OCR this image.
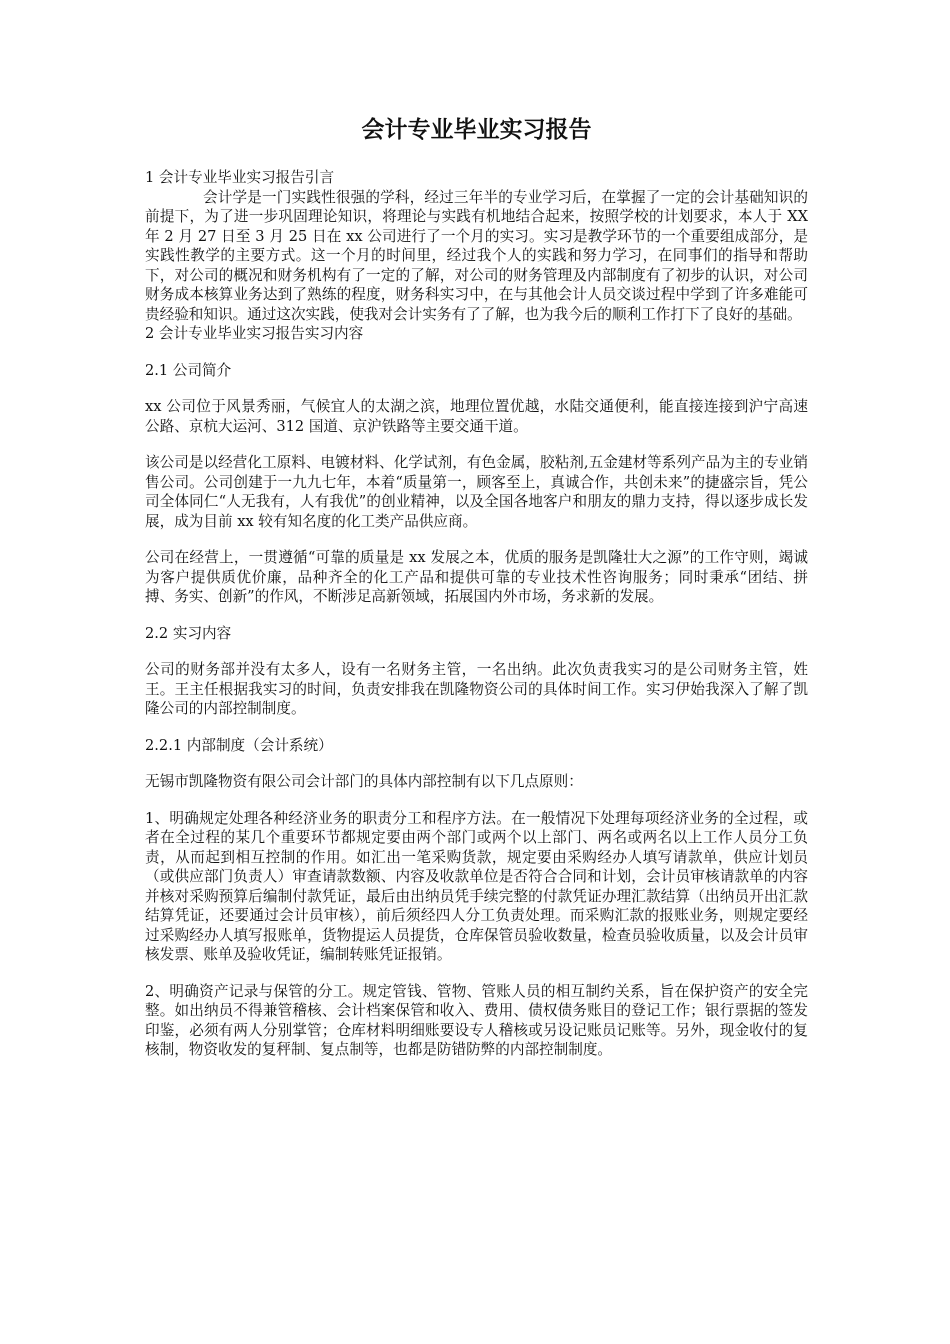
会计专业毕业实习报告

1 会计专业毕业实习报告引言

会计学是一门实践性很强的学科，经过三年半的专业学习后，在掌握了一定的会计基础知识的前提下，为了进一步巩固理论知识，将理论与实践有机地结合起来，按照学校的计划要求，本人于 XX 年 2 月 27 日至 3 月 25 日在 xx 公司进行了一个月的实习。实习是教学环节的一个重要组成部分，是实践性教学的主要方式。这一个月的时间里，经过我个人的实践和努力学习，在同事们的指导和帮助下，对公司的概况和财务机构有了一定的了解，对公司的财务管理及内部制度有了初步的认识，对公司财务成本核算业务达到了熟练的程度，财务科实习中，在与其他会计人员交谈过程中学到了许多难能可贵经验和知识。通过这次实践，使我对会计实务有了了解，也为我今后的顺利工作打下了良好的基础。

2 会计专业毕业实习报告实习内容

2.1 公司简介

xx 公司位于风景秀丽，气候宜人的太湖之滨，地理位置优越，水陆交通便利，能直接连接到沪宁高速公路、京杭大运河、312 国道、京沪铁路等主要交通干道。

该公司是以经营化工原料、电镀材料、化学试剂，有色金属，胶粘剂,五金建材等系列产品为主的专业销售公司。公司创建于一九九七年，本着“质量第一，顾客至上，真诚合作，共创未来”的捷盛宗旨，凭公司全体同仁“人无我有，人有我优”的创业精神，以及全国各地客户和朋友的鼎力支持，得以逐步成长发展，成为目前 xx 较有知名度的化工类产品供应商。

公司在经营上，一贯遵循“可靠的质量是 xx 发展之本，优质的服务是凯隆壮大之源”的工作守则，竭诚为客户提供质优价廉，品种齐全的化工产品和提供可靠的专业技术性咨询服务；同时秉承“团结、拼搏、务实、创新”的作风，不断涉足高新领域，拓展国内外市场，务求新的发展。

2.2 实习内容

公司的财务部并没有太多人，设有一名财务主管，一名出纳。此次负责我实习的是公司财务主管，姓王。王主任根据我实习的时间，负责安排我在凯隆物资公司的具体时间工作。实习伊始我深入了解了凯隆公司的内部控制制度。

2.2.1 内部制度（会计系统）

无锡市凯隆物资有限公司会计部门的具体内部控制有以下几点原则：

1、明确规定处理各种经济业务的职责分工和程序方法。在一般情况下处理每项经济业务的全过程，或者在全过程的某几个重要环节都规定要由两个部门或两个以上部门、两名或两名以上工作人员分工负责，从而起到相互控制的作用。如汇出一笔采购货款，规定要由采购经办人填写请款单，供应计划员（或供应部门负责人）审查请款数额、内容及收款单位是否符合合同和计划，会计员审核请款单的内容并核对采购预算后编制付款凭证，最后由出纳员凭手续完整的付款凭证办理汇款结算（出纳员开出汇款结算凭证，还要通过会计员审核），前后须经四人分工负责处理。而采购汇款的报账业务，则规定要经过采购经办人填写报账单，货物提运人员提货，仓库保管员验收数量，检查员验收质量，以及会计员审核发票、账单及验收凭证，编制转账凭证报销。

2、明确资产记录与保管的分工。规定管钱、管物、管账人员的相互制约关系，旨在保护资产的安全完整。如出纳员不得兼管稽核、会计档案保管和收入、费用、债权债务账目的登记工作；银行票据的签发印鉴，必须有两人分别掌管；仓库材料明细账要设专人稽核或另设记账员记账等。另外，现金收付的复核制，物资收发的复秤制、复点制等，也都是防错防弊的内部控制制度。
